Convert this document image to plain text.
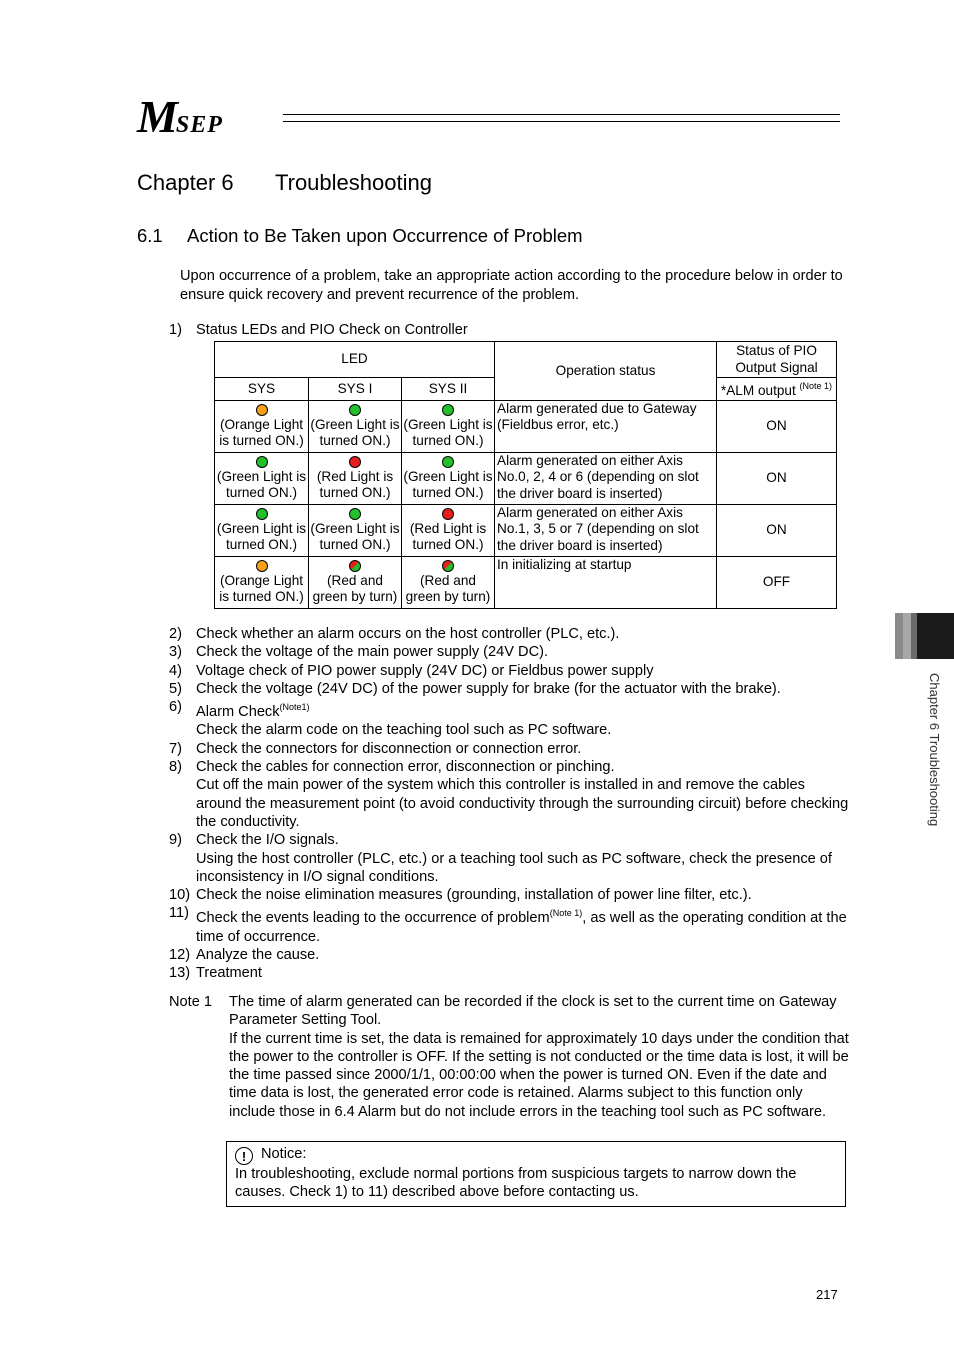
MSEP
Chapter 6 Troubleshooting
6.1 Action to Be Taken upon Occurrence of Problem
Upon occurrence of a problem, take an appropriate action according to the procedure below in order to ensure quick recovery and prevent recurrence of the problem.
1) Status LEDs and PIO Check on Controller
LED			Operation status	Status of PIO Output Signal
SYS	SYS I	SYS II		*ALM output $^{(Note 1)}$

(Orange Light is turned ON.)	(Green Light is turned ON.)	(Green Light is turned ON.)	Alarm generated due to Gateway (Fieldbus error, etc.)	ON

(Green Light is turned ON.)	(Red Light is turned ON.)	(Green Light is turned ON.)	Alarm generated on either Axis No.0, 2, 4 or 6 (depending on slot the driver board is inserted)	ON

(Green Light is turned ON.)	(Green Light is turned ON.)	(Red Light is turned ON.)	Alarm generated on either Axis No.1, 3, 5 or 7 (depending on slot the driver board is inserted)	ON

(Orange Light is turned ON.)	(Red and green by turn)	(Red and green by turn)	In initializing at startup	OFF
2) Check whether an alarm occurs on the host controller (PLC, etc.).
3) Check the voltage of the main power supply (24V DC).
4) Voltage check of PIO power supply (24V DC) or Fieldbus power supply
5) Check the voltage (24V DC) of the power supply for brake (for the actuator with the brake).
6) Alarm Check$^{(Note1)}$
Check the alarm code on the teaching tool such as PC software.
7) Check the connectors for disconnection or connection error.
8) Check the cables for connection error, disconnection or pinching.
Cut off the main power of the system which this controller is installed in and remove the cables around the measurement point (to avoid conductivity through the surrounding circuit) before checking the conductivity.
9) Check the I/O signals.
Using the host controller (PLC, etc.) or a teaching tool such as PC software, check the presence of inconsistency in I/O signal conditions.
10) Check the noise elimination measures (grounding, installation of power line filter, etc.).
11) Check the events leading to the occurrence of problem$^{(Note 1)}$, as well as the operating condition at the time of occurrence.
12) Analyze the cause.
13) Treatment
Note 1	The time of alarm generated can be recorded if the clock is set to the current time on Gateway Parameter Setting Tool.
If the current time is set, the data is remained for approximately 10 days under the condition that the power to the controller is OFF. If the setting is not conducted or the time data is lost, it will be the time passed since 2000/1/1, 00:00:00 when the power is turned ON. Even if the date and time data is lost, the generated error code is retained. Alarms subject to this function only include those in 6.4 Alarm but do not include errors in the teaching tool such as PC software.
! Notice:
In troubleshooting, exclude normal portions from suspicious targets to narrow down the causes. Check 1) to 11) described above before contacting us.
Chapter 6 Troubleshooting
217
